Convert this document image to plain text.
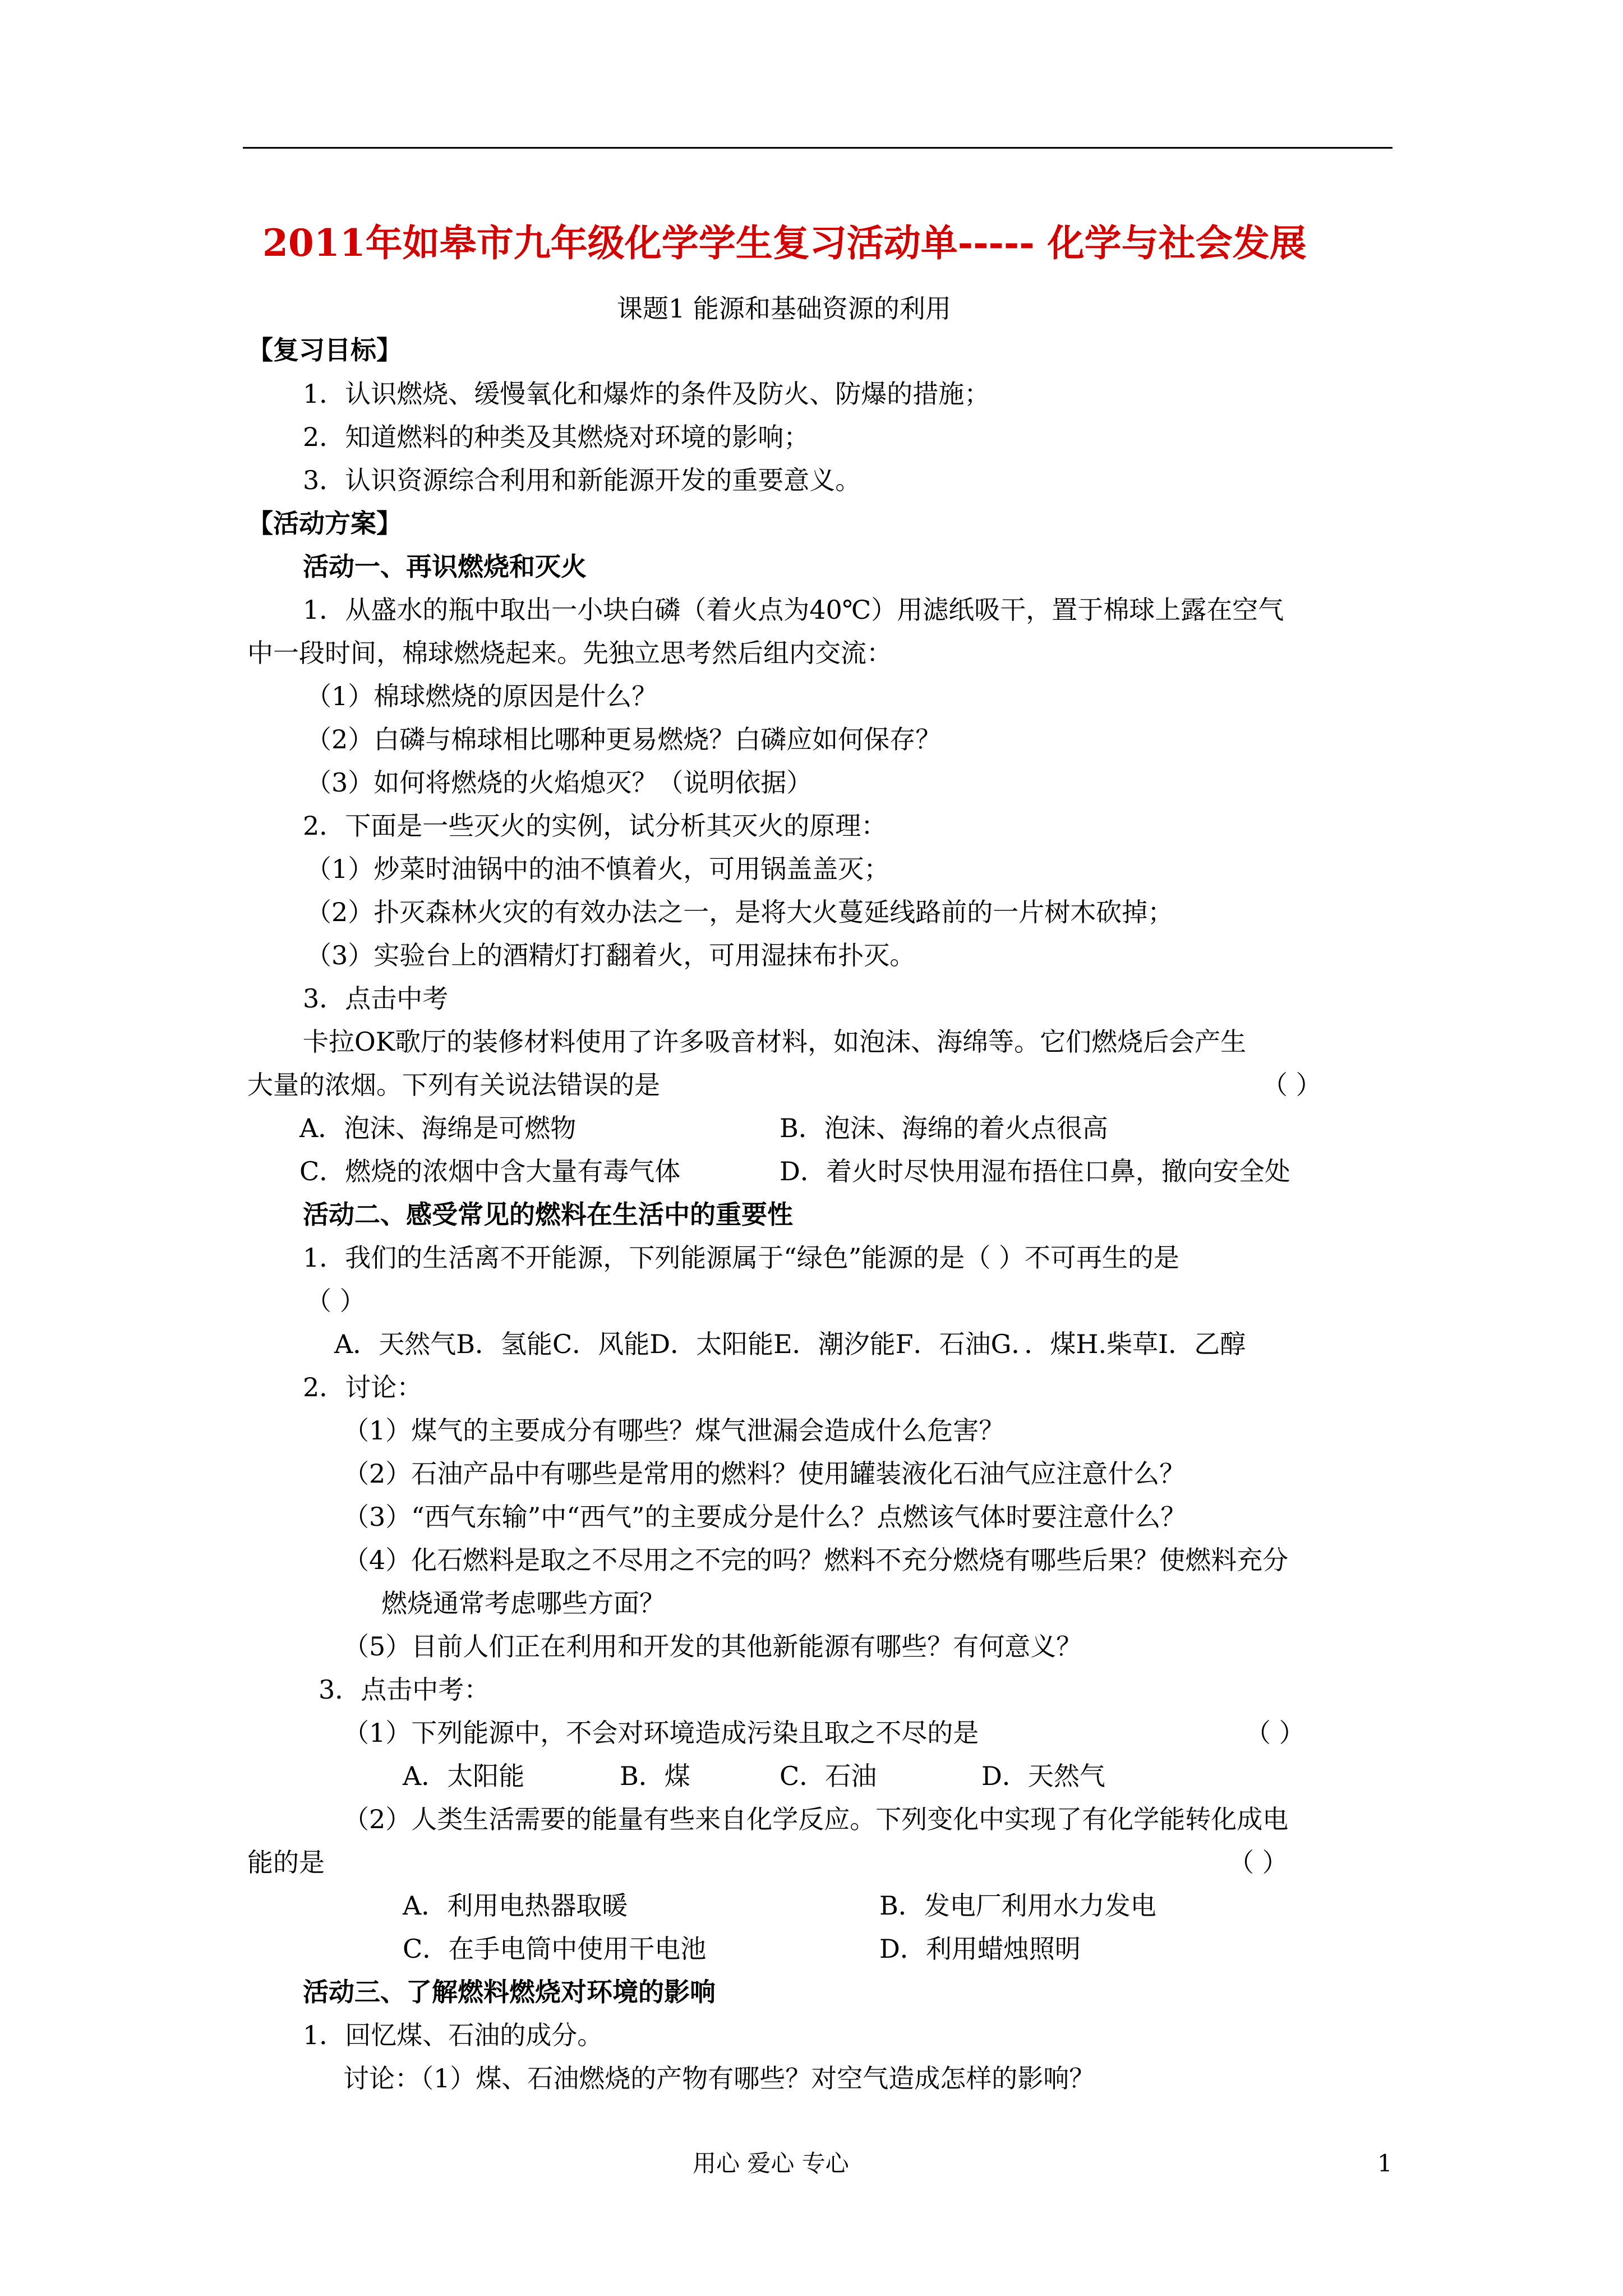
2011年如皋市九年级化学学生复习活动单----- 化学与社会发展
课题1 能源和基础资源的利用
【复习目标】
1．认识燃烧、缓慢氧化和爆炸的条件及防火、防爆的措施；
2．知道燃料的种类及其燃烧对环境的影响；
3．认识资源综合利用和新能源开发的重要意义。
【活动方案】
活动一、再识燃烧和灭火
1．从盛水的瓶中取出一小块白磷（着火点为40℃）用滤纸吸干，置于棉球上露在空气
中一段时间，棉球燃烧起来。先独立思考然后组内交流：
（1）棉球燃烧的原因是什么？
（2）白磷与棉球相比哪种更易燃烧？白磷应如何保存？
（3）如何将燃烧的火焰熄灭？（说明依据）
2．下面是一些灭火的实例，试分析其灭火的原理：
（1）炒菜时油锅中的油不慎着火，可用锅盖盖灭；
（2）扑灭森林火灾的有效办法之一，是将大火蔓延线路前的一片树木砍掉；
（3）实验台上的酒精灯打翻着火，可用湿抹布扑灭。
3．点击中考
卡拉OK歌厅的装修材料使用了许多吸音材料，如泡沫、海绵等。它们燃烧后会产生
大量的浓烟。下列有关说法错误的是	（ ）
A．泡沫、海绵是可燃物	B．泡沫、海绵的着火点很高
C．燃烧的浓烟中含大量有毒气体	D．着火时尽快用湿布捂住口鼻，撤向安全处
活动二、感受常见的燃料在生活中的重要性
1．我们的生活离不开能源，下列能源属于“绿色”能源的是（ ）不可再生的是
（ ）
A．天然气B．氢能C．风能D．太阳能E．潮汐能F．石油G．．煤H.柴草I．乙醇
2．讨论：
（1）煤气的主要成分有哪些？煤气泄漏会造成什么危害？
（2）石油产品中有哪些是常用的燃料？使用罐装液化石油气应注意什么？
（3）“西气东输”中“西气”的主要成分是什么？点燃该气体时要注意什么？
（4）化石燃料是取之不尽用之不完的吗？燃料不充分燃烧有哪些后果？使燃料充分
燃烧通常考虑哪些方面？
（5）目前人们正在利用和开发的其他新能源有哪些？有何意义？
3．点击中考：
（1）下列能源中，不会对环境造成污染且取之不尽的是	（ ）
A．太阳能	B．煤	C．石油	D．天然气
（2）人类生活需要的能量有些来自化学反应。下列变化中实现了有化学能转化成电
能的是	（ ）
A．利用电热器取暖	B．发电厂利用水力发电
C．在手电筒中使用干电池	D．利用蜡烛照明
活动三、了解燃料燃烧对环境的影响
1．回忆煤、石油的成分。
讨论：（1）煤、石油燃烧的产物有哪些？对空气造成怎样的影响？
用心 爱心 专心	1
